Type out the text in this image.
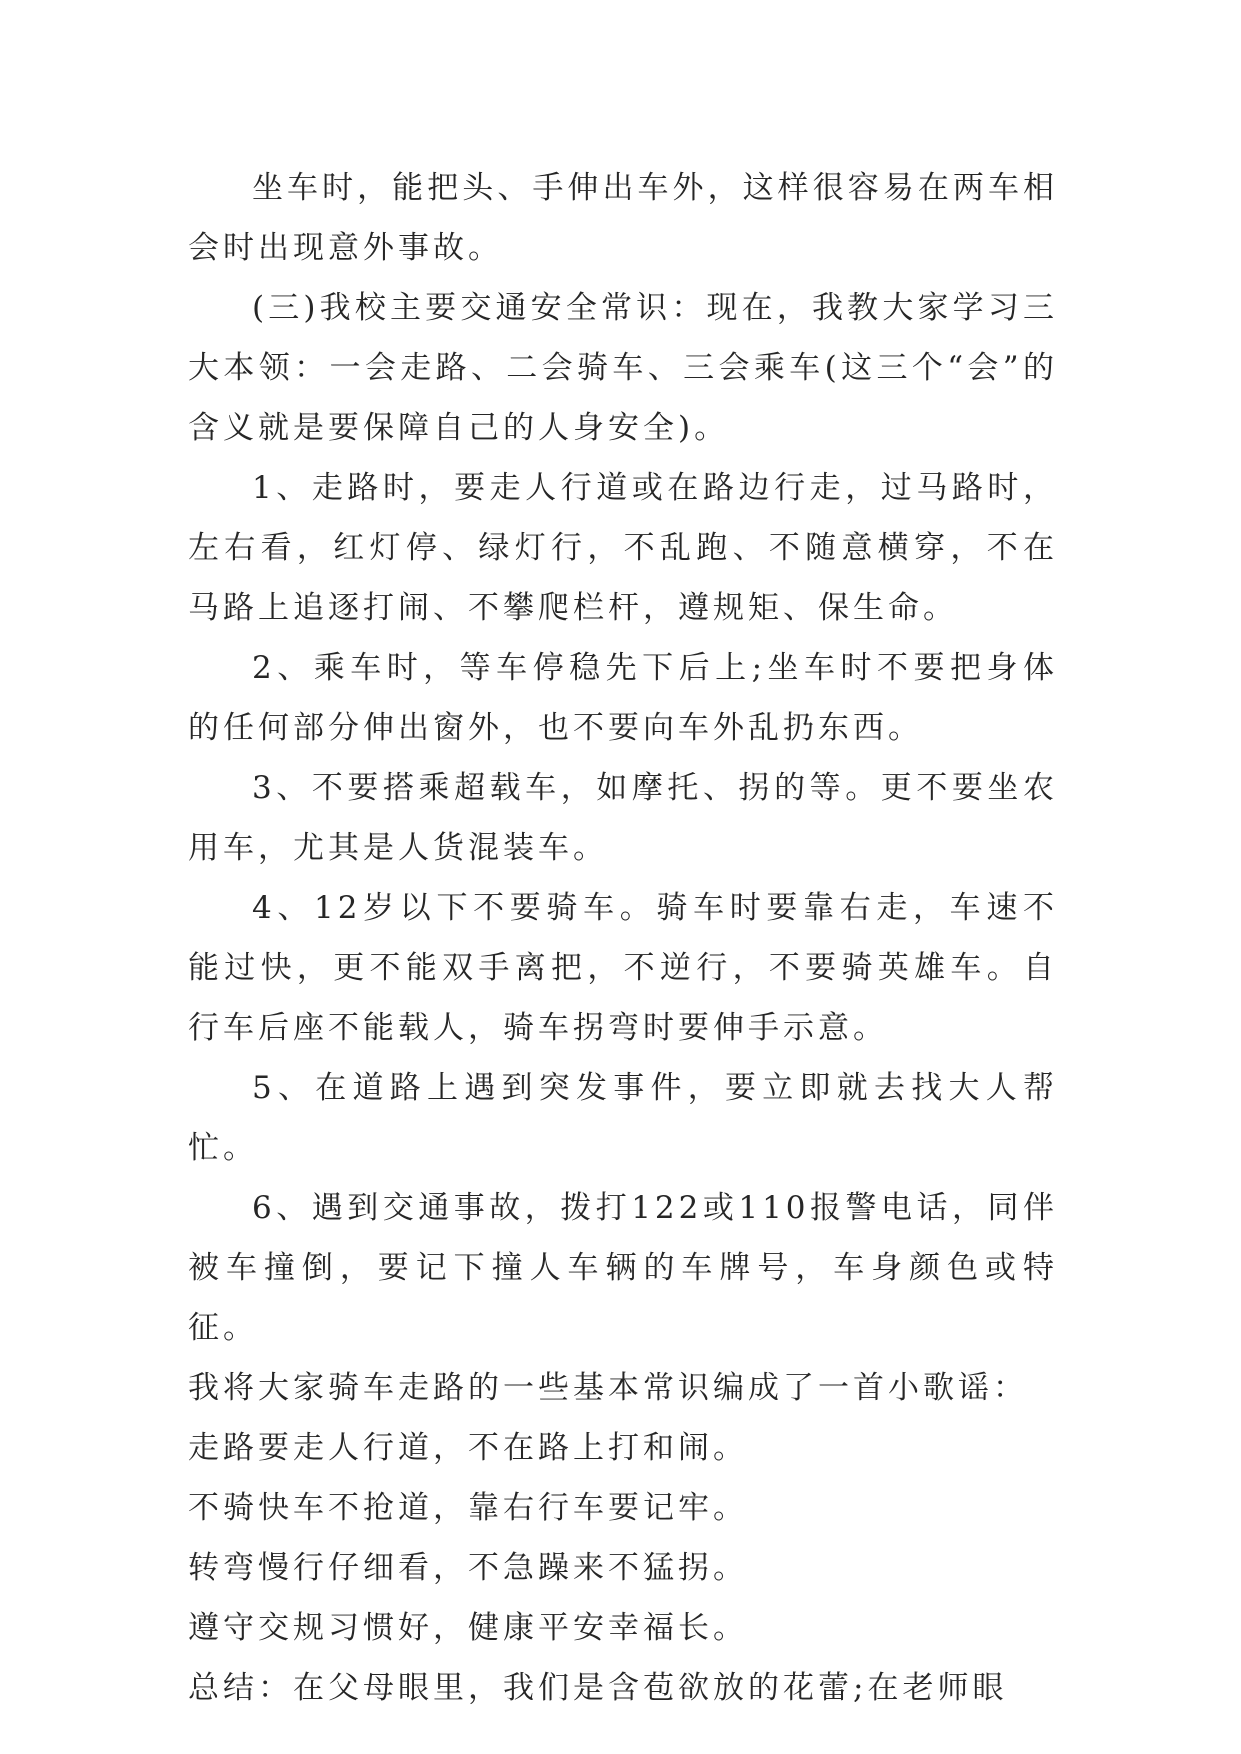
坐车时，能把头、手伸出车外，这样很容易在两车相会时出现意外事故。

(三)我校主要交通安全常识：现在，我教大家学习三大本领：一会走路、二会骑车、三会乘车(这三个“会”的含义就是要保障自己的人身安全)。

1、走路时，要走人行道或在路边行走，过马路时，左右看，红灯停、绿灯行，不乱跑、不随意横穿，不在马路上追逐打闹、不攀爬栏杆，遵规矩、保生命。

2、乘车时，等车停稳先下后上;坐车时不要把身体的任何部分伸出窗外，也不要向车外乱扔东西。

3、不要搭乘超载车，如摩托、拐的等。更不要坐农用车，尤其是人货混装车。

4、12岁以下不要骑车。骑车时要靠右走，车速不能过快，更不能双手离把，不逆行，不要骑英雄车。自行车后座不能载人，骑车拐弯时要伸手示意。

5、在道路上遇到突发事件，要立即就去找大人帮忙。

6、遇到交通事故，拨打122或110报警电话，同伴被车撞倒，要记下撞人车辆的车牌号，车身颜色或特征。

我将大家骑车走路的一些基本常识编成了一首小歌谣：

走路要走人行道，不在路上打和闹。

不骑快车不抢道，靠右行车要记牢。

转弯慢行仔细看，不急躁来不猛拐。

遵守交规习惯好，健康平安幸福长。

总结：在父母眼里，我们是含苞欲放的花蕾;在老师眼
